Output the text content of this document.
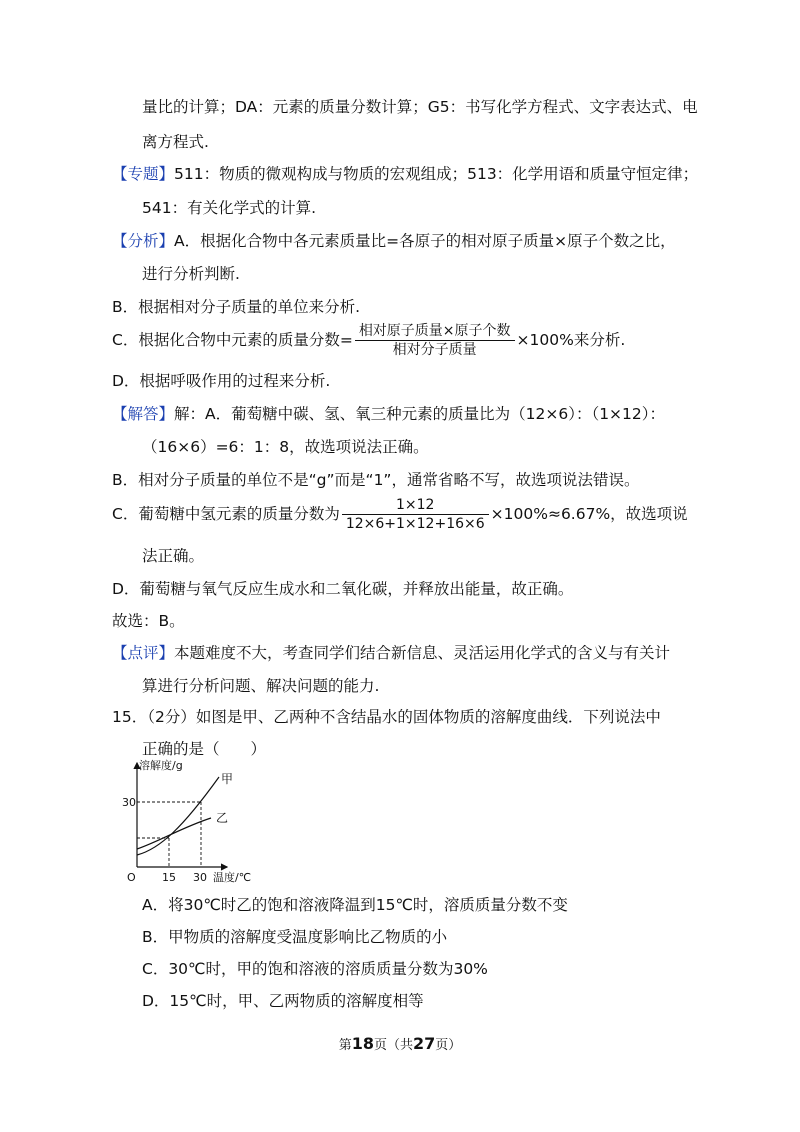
量比的计算；DA：元素的质量分数计算；G5：书写化学方程式、文字表达式、电
离方程式.
【专题】511：物质的微观构成与物质的宏观组成；513：化学用语和质量守恒定律；
541：有关化学式的计算.
【分析】A．根据化合物中各元素质量比=各原子的相对原子质量×原子个数之比，
进行分析判断.
B．根据相对分子质量的单位来分析.
C．根据化合物中元素的质量分数= $\frac{\text{相对原子质量×原子个数}}{\text{相对分子质量}} \times 100\%$来分析.
D．根据呼吸作用的过程来分析.
【解答】解：A．葡萄糖中碳、氢、氧三种元素的质量比为（12×6）：（1×12）：
（16×6）=6：1：8，故选项说法正确。
B．相对分子质量的单位不是“g”而是“1”，通常省略不写，故选项说法错误。
C．葡萄糖中氢元素的质量分数为 $\frac{1\times 12}{12\times 6+1\times 12+16\times 6} \times 100\%\approx 6.67\%$，故选项说
法正确。
D．葡萄糖与氧气反应生成水和二氧化碳，并释放出能量，故正确。
故选：B。
【点评】本题难度不大，考查同学们结合新信息、灵活运用化学式的含义与有关计
算进行分析问题、解决问题的能力.
15．（2分）如图是甲、乙两种不含结晶水的固体物质的溶解度曲线．下列说法中
正确的是（　　）
溶解度/g
温度/℃
O
30
15 30
甲
乙
A．将30℃时乙的饱和溶液降温到15℃时，溶质质量分数不变
B．甲物质的溶解度受温度影响比乙物质的小
C．30℃时，甲的饱和溶液的溶质质量分数为30%
D．15℃时，甲、乙两物质的溶解度相等
第18页（共27页）
